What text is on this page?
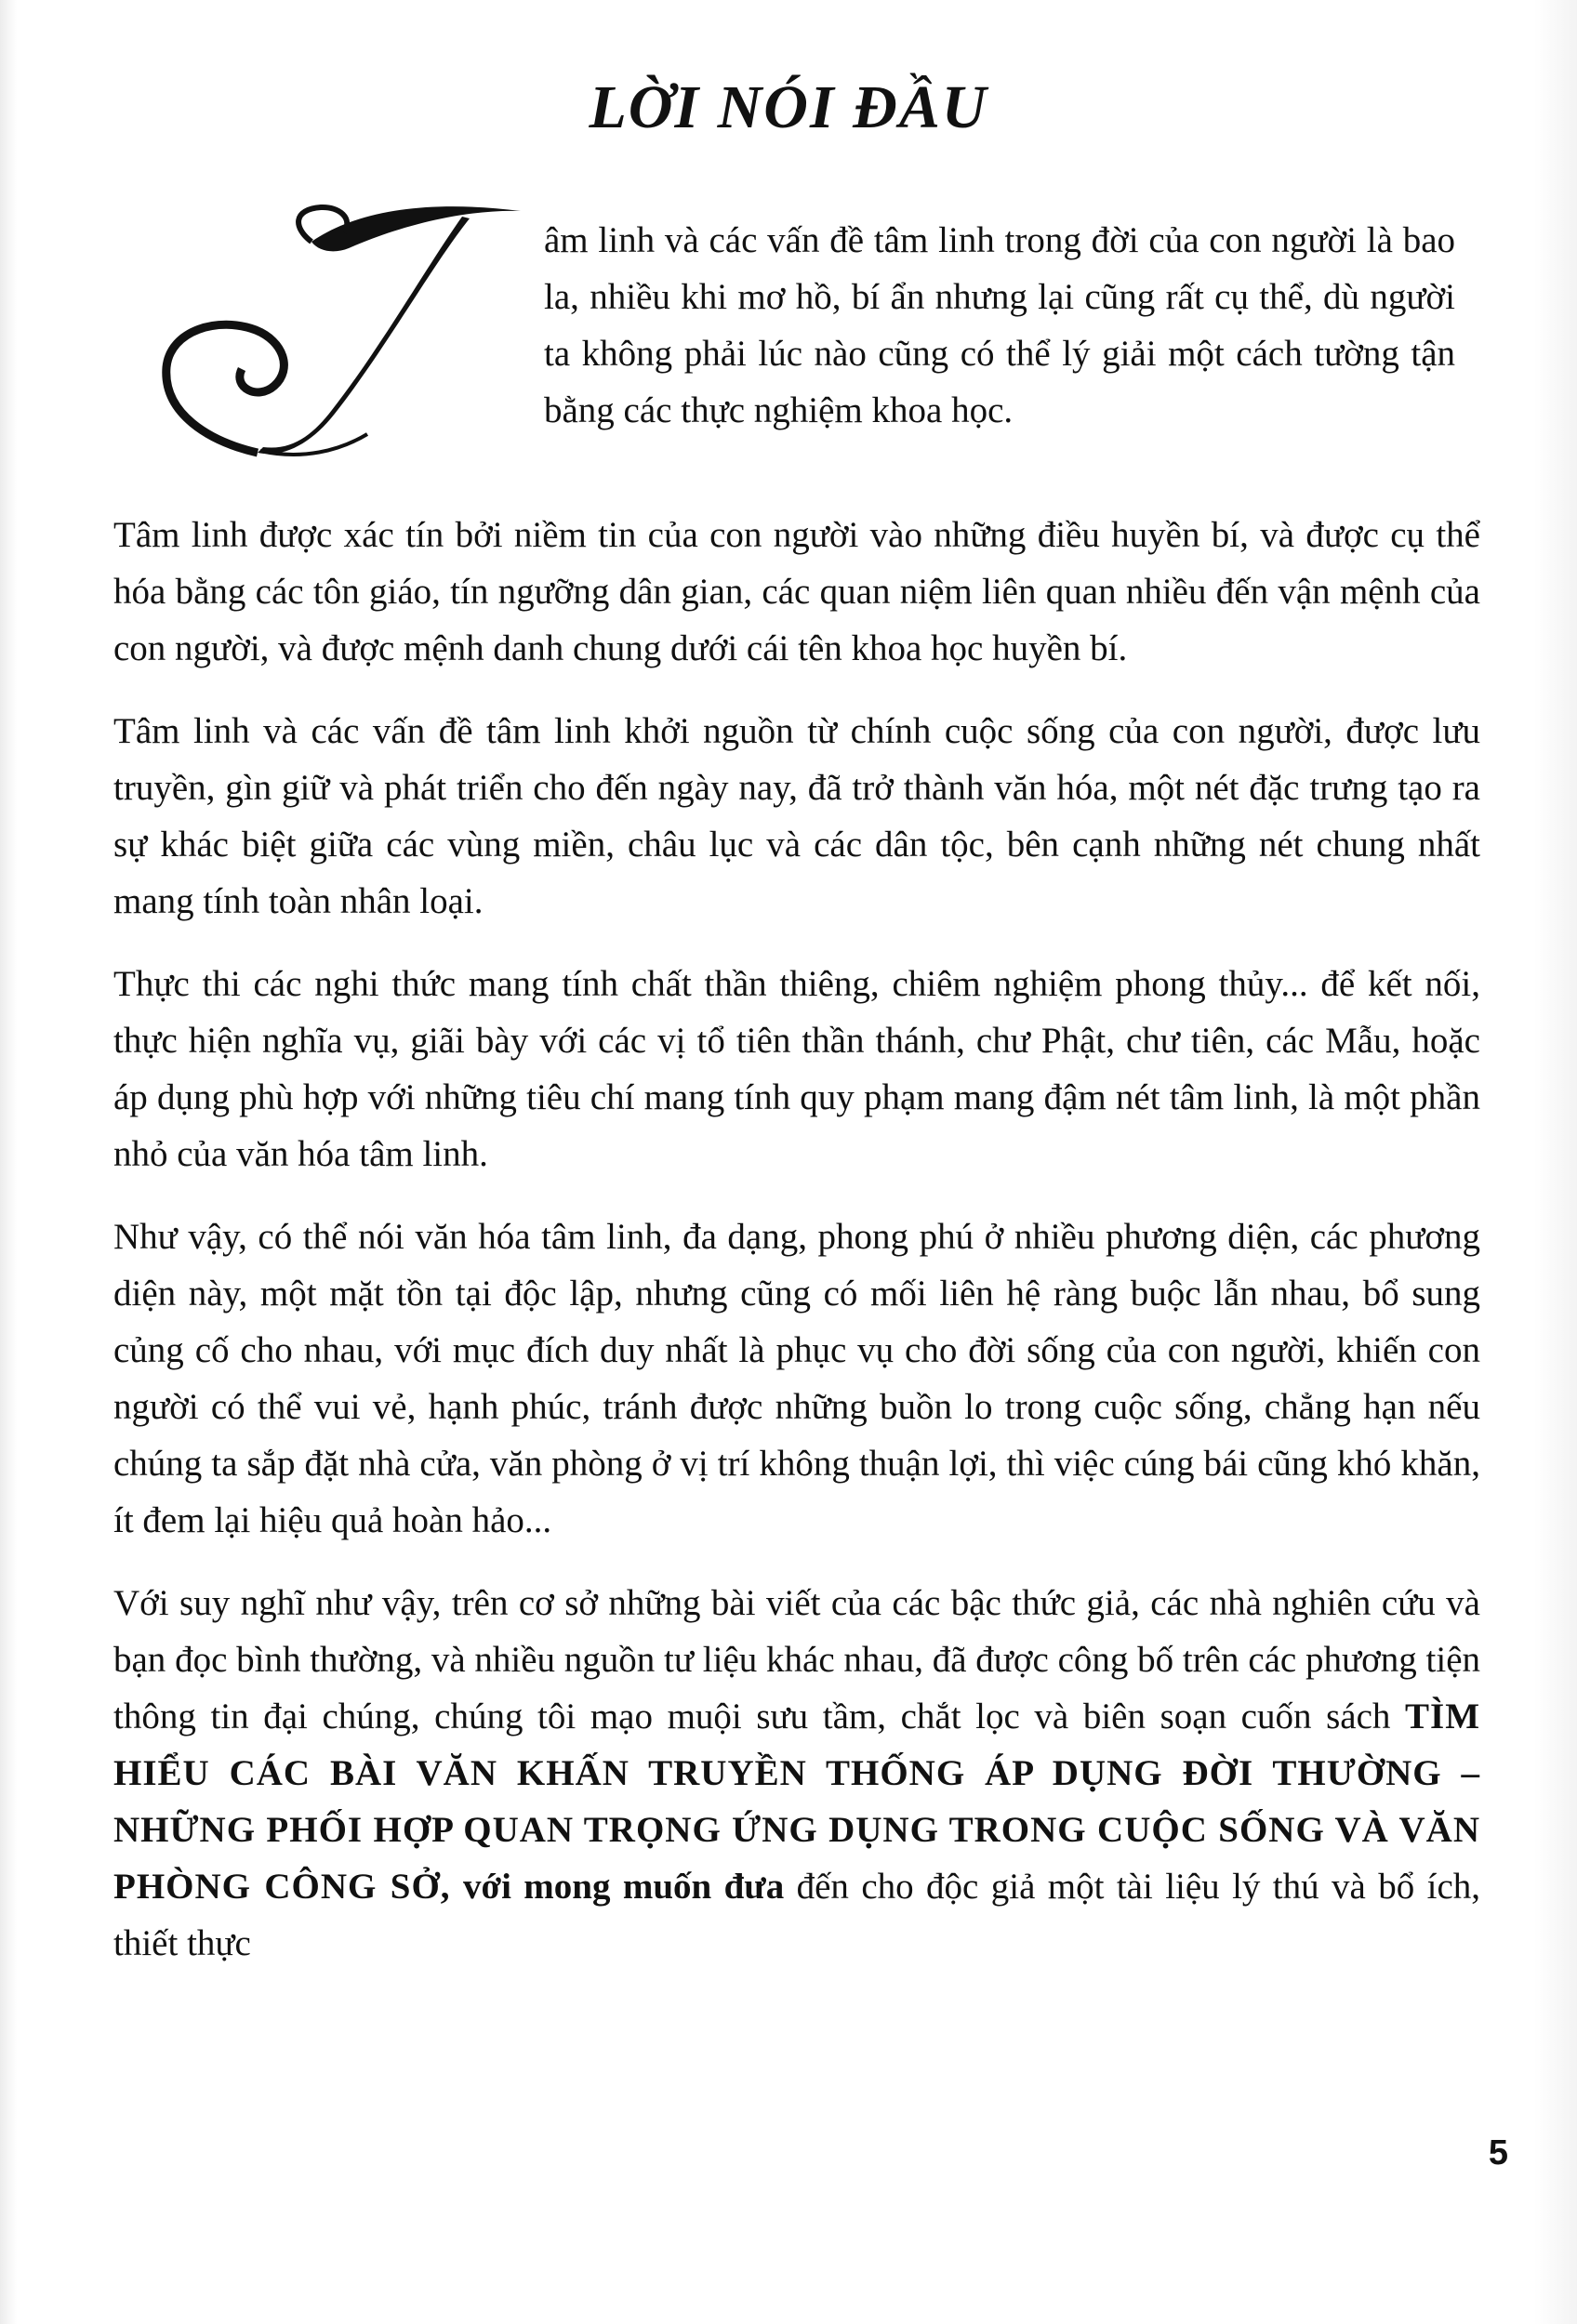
LỜI NÓI ĐẦU

âm linh và các vấn đề tâm linh trong đời của con người là bao la, nhiều khi mơ hồ, bí ẩn nhưng lại cũng rất cụ thể, dù người ta không phải lúc nào cũng có thể lý giải một cách tường tận bằng các thực nghiệm khoa học.

Tâm linh được xác tín bởi niềm tin của con người vào những điều huyền bí, và được cụ thể hóa bằng các tôn giáo, tín ngưỡng dân gian, các quan niệm liên quan nhiều đến vận mệnh của con người, và được mệnh danh chung dưới cái tên khoa học huyền bí.

Tâm linh và các vấn đề tâm linh khởi nguồn từ chính cuộc sống của con người, được lưu truyền, gìn giữ và phát triển cho đến ngày nay, đã trở thành văn hóa, một nét đặc trưng tạo ra sự khác biệt giữa các vùng miền, châu lục và các dân tộc, bên cạnh những nét chung nhất mang tính toàn nhân loại.

Thực thi các nghi thức mang tính chất thần thiêng, chiêm nghiệm phong thủy... để kết nối, thực hiện nghĩa vụ, giãi bày với các vị tổ tiên thần thánh, chư Phật, chư tiên, các Mẫu, hoặc áp dụng phù hợp với những tiêu chí mang tính quy phạm mang đậm nét tâm linh, là một phần nhỏ của văn hóa tâm linh.

Như vậy, có thể nói văn hóa tâm linh, đa dạng, phong phú ở nhiều phương diện, các phương diện này, một mặt tồn tại độc lập, nhưng cũng có mối liên hệ ràng buộc lẫn nhau, bổ sung củng cố cho nhau, với mục đích duy nhất là phục vụ cho đời sống của con người, khiến con người có thể vui vẻ, hạnh phúc, tránh được những buồn lo trong cuộc sống, chẳng hạn nếu chúng ta sắp đặt nhà cửa, văn phòng ở vị trí không thuận lợi, thì việc cúng bái cũng khó khăn, ít đem lại hiệu quả hoàn hảo...

Với suy nghĩ như vậy, trên cơ sở những bài viết của các bậc thức giả, các nhà nghiên cứu và bạn đọc bình thường, và nhiều nguồn tư liệu khác nhau, đã được công bố trên các phương tiện thông tin đại chúng, chúng tôi mạo muội sưu tầm, chắt lọc và biên soạn cuốn sách TÌM HIỂU CÁC BÀI VĂN KHẤN TRUYỀN THỐNG ÁP DỤNG ĐỜI THƯỜNG – NHỮNG PHỐI HỢP QUAN TRỌNG ỨNG DỤNG TRONG CUỘC SỐNG VÀ VĂN PHÒNG CÔNG SỞ, với mong muốn đưa đến cho độc giả một tài liệu lý thú và bổ ích, thiết thực

5
